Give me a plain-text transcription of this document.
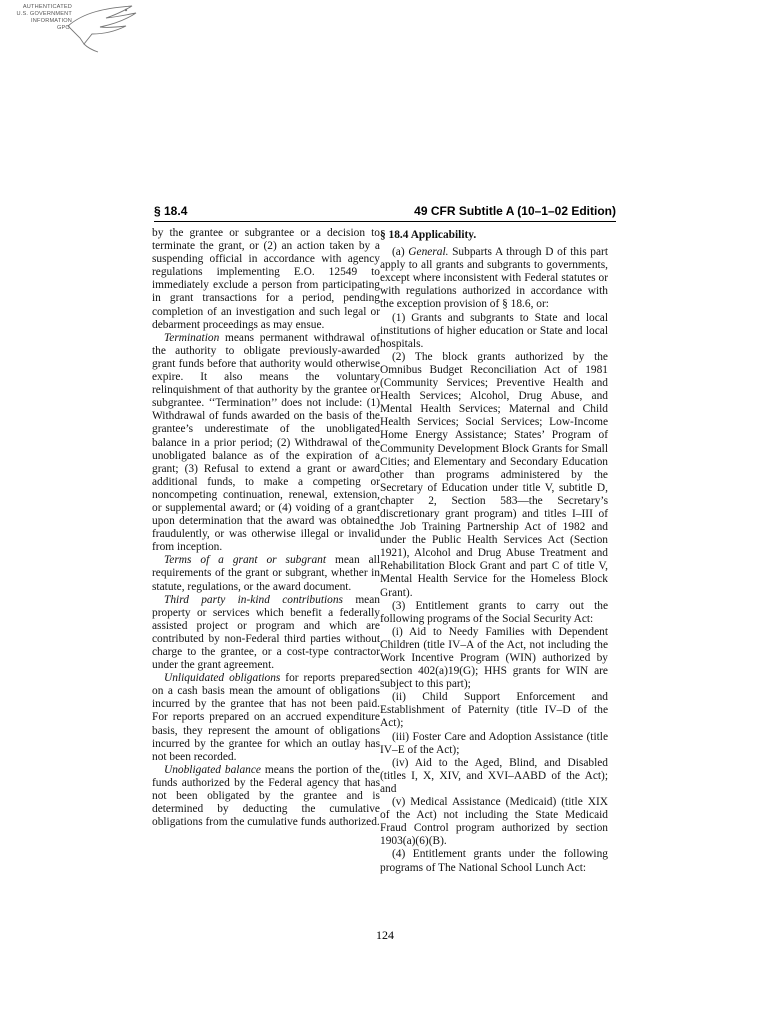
AUTHENTICATED
U.S. GOVERNMENT
INFORMATION
GPO
§ 18.4	49 CFR Subtitle A (10–1–02 Edition)

by the grantee or subgrantee or a decision to terminate the grant, or (2) an action taken by a suspending official in accordance with agency regulations implementing E.O. 12549 to immediately exclude a person from participating in grant transactions for a period, pending completion of an investigation and such legal or debarment proceedings as may ensue.

Termination means permanent withdrawal of the authority to obligate previously-awarded grant funds before that authority would otherwise expire. It also means the voluntary relinquishment of that authority by the grantee or subgrantee. ‘‘Termination’’ does not include: (1) Withdrawal of funds awarded on the basis of the grantee’s underestimate of the unobligated balance in a prior period; (2) Withdrawal of the unobligated balance as of the expiration of a grant; (3) Refusal to extend a grant or award additional funds, to make a competing or noncompeting continuation, renewal, extension, or supplemental award; or (4) voiding of a grant upon determination that the award was obtained fraudulently, or was otherwise illegal or invalid from inception.

Terms of a grant or subgrant mean all requirements of the grant or subgrant, whether in statute, regulations, or the award document.

Third party in-kind contributions mean property or services which benefit a federally assisted project or program and which are contributed by non-Federal third parties without charge to the grantee, or a cost-type contractor under the grant agreement.

Unliquidated obligations for reports prepared on a cash basis mean the amount of obligations incurred by the grantee that has not been paid. For reports prepared on an accrued expenditure basis, they represent the amount of obligations incurred by the grantee for which an outlay has not been recorded.

Unobligated balance means the portion of the funds authorized by the Federal agency that has not been obligated by the grantee and is determined by deducting the cumulative obligations from the cumulative funds authorized.

§ 18.4 Applicability.

(a) General. Subparts A through D of this part apply to all grants and subgrants to governments, except where inconsistent with Federal statutes or with regulations authorized in accordance with the exception provision of § 18.6, or:

(1) Grants and subgrants to State and local institutions of higher education or State and local hospitals.

(2) The block grants authorized by the Omnibus Budget Reconciliation Act of 1981 (Community Services; Preventive Health and Health Services; Alcohol, Drug Abuse, and Mental Health Services; Maternal and Child Health Services; Social Services; Low-Income Home Energy Assistance; States’ Program of Community Development Block Grants for Small Cities; and Elementary and Secondary Education other than programs administered by the Secretary of Education under title V, subtitle D, chapter 2, Section 583—the Secretary’s discretionary grant program) and titles I–III of the Job Training Partnership Act of 1982 and under the Public Health Services Act (Section 1921), Alcohol and Drug Abuse Treatment and Rehabilitation Block Grant and part C of title V, Mental Health Service for the Homeless Block Grant).

(3) Entitlement grants to carry out the following programs of the Social Security Act:

(i) Aid to Needy Families with Dependent Children (title IV–A of the Act, not including the Work Incentive Program (WIN) authorized by section 402(a)19(G); HHS grants for WIN are subject to this part);

(ii) Child Support Enforcement and Establishment of Paternity (title IV–D of the Act);

(iii) Foster Care and Adoption Assistance (title IV–E of the Act);

(iv) Aid to the Aged, Blind, and Disabled (titles I, X, XIV, and XVI–AABD of the Act); and

(v) Medical Assistance (Medicaid) (title XIX of the Act) not including the State Medicaid Fraud Control program authorized by section 1903(a)(6)(B).

(4) Entitlement grants under the following programs of The National School Lunch Act:

124
